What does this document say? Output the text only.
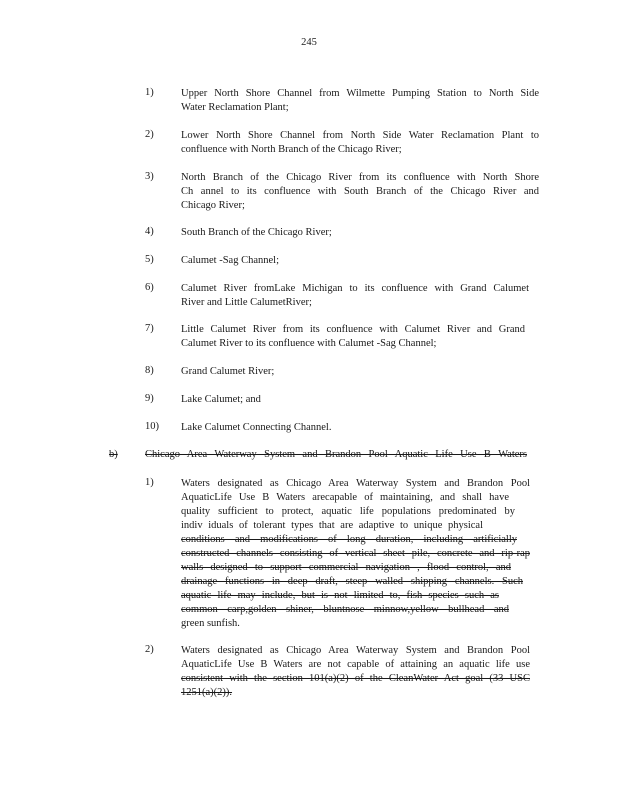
245
1)	Upper North Shore Channel from Wilmette Pumping Station to North Side
Water Reclamation Plant;
2)	Lower North Shore Channel from North Side Water Reclamation Plant to
confluence with North Branch of the Chicago River;
3)	North Branch of the Chicago River from its confluence with North Shore
Ch annel to its confluence with South Branch of the Chicago River and
Chicago River;
4)	South Branch of the Chicago River;
5)	Calumet -Sag Channel;
6)	Calumet River fromLake Michigan to its confluence with Grand Calumet
River and Little CalumetRiver;
7)	Little Calumet River from its confluence with Calumet River and Grand
Calumet River to its confluence with Calumet -Sag Channel;
8)	Grand Calumet River;
9)	Lake Calumet; and
10) Lake Calumet Connecting Channel.
b)	Chicago Area Waterway System and Brandon Pool Aquatic Life Use B Waters
1)	Waters designated as Chicago Area Waterway System and Brandon Pool
AquaticLife Use B Waters arecapable of maintaining, and shall have
quality sufficient to protect, aquatic life populations predominated by
indiv iduals of tolerant types that are adaptive to unique physical
conditions and modifications of long duration, including artificially
constructed channels consisting of vertical sheet pile, concrete and rip-rap
walls designed to support commercial navigation , flood control, and
drainage functions in deep draft, steep walled shipping channels. Such
aquatic life may include, but is not limited to, fish species such as
common carp,golden shiner, bluntnose minnow,yellow bullhead and
green sunfish.
2)	Waters designated as Chicago Area Waterway System and Brandon Pool
AquaticLife Use B Waters are not capable of attaining an aquatic life use
consistent with the section 101(a)(2) of the CleanWater Act goal (33 USC
1251(a)(2)).
